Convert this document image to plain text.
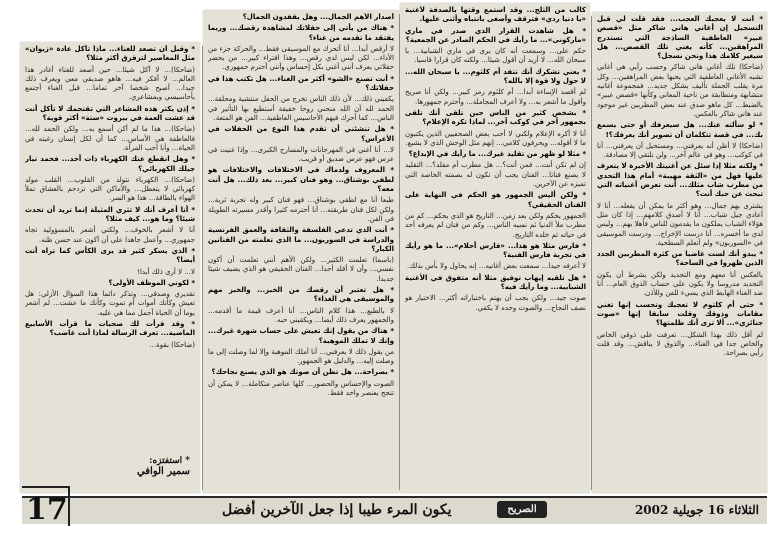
* أنت لا يعجبك العجب... فقد قلت لي قبل التسجيل إن أغاني هاني شاكر مثل «قصص عبير» العاطفية الساذجة التي تستدرج المراهقين... كأنه يغني تلك القصص... هل سيغير كلامك هذا ونحن نسجل؟

(ضاحكا) تلك أغاني هاني شاكر وحسب رأيي هي أغاني تشبه الأغاني العاطفية التي يحبها بعض المراهقين... وكل مرة يقلب الجملة تأليف بشكل جديد... فمجموعة أغانيه متشابهة ومتطابقة من ناحية المعاني وكأنها «قصص عبير» بالضبط... كل ماهو صدق عند بعض المطربين غير موجود عند هاني شاكر بالعكس.

* لو سألته عنك... هل سيعرفك أو حتى يسمع بك... في قصة تتكلمان أن تصوير أنك يعرفك؟!

(ضاحكا) لا أظن أنه يعرفني... ومستحيل أن يعرفني... أنا في كوكب... وهو في عالم آخر... ولن نلتقي إلا مصادفة.

* ولكنه مثلا إذا سئل عن أغنيتك الأخيرة لا يتعرف عليها فهل من «الثقة مهيبة» أمام هذا التحدي من مطرب شاب مثلك... أنت تعرض أغنياته التي تبحث عن حبك أنت؟

يشترى بهم جمال... وهو أكثر ما يمكن أن يفعله... أنا لا أعادي جيل شباب... أنا لا أصدق كلامهم... إذا كان مثل هؤلاء الشباب يملكون ما يقدمون للناس فأهلا بهم... وليس لدي ما أخسره... أنا درست الإخراج... ودرست الموسيقى في «السوربون» ولم أتعلم السطحية.

* يبدو أنك لست غاضبا من كثرة المطربين الجدد الذين ظهروا في الساحة؟

بالعكس أنا معهم ومع التجديد ولكن بشرط أن يكون التجديد مدروسا ولا يكون على حساب الذوق العام... أنا ضد الغناء الهابط الذي يسيء للفن وللأذن.

* حتى أم كلثوم لا تعجبك وتحسب إنها تغني مقامات وذوقك وقلت سابقا إنها «صوت جنائزي»... ألا ترى أنك ظلمتها؟

لم أقل ذلك بهذا الشكل... تعرفت على ذوقي الخاص والخاص جدا في الغناء... والذوق لا يناقش... وقد قلت رأيي بصراحة.

كالب من الثلج... وقد استمع وقتها بالصدفة لأغنية «يا دنيا ردي» فترقف وأصغى بانتباه وأثنى عليها.

* هل شاهدت القرار الذي صدر في ماري «ماركونى»... ما رأيك في الحكم الصادر عن الجمعية؟

حكم على... وسمعت أنه كان يرى في ماري الشبابية... يا سبحان الله... لا أريد أن أقول شيئا... ولكنه كان قرارا قاسيا.

* يعني تشكرك أنك نتقد أم كلثوم... يا سبحان الله... لا حول ولا قوة إلا بالله؟

لم أقصد الإساءة أبدا... أم كلثوم رمز كبير... ولكن أنا صريح وأقول ما أشعر به... ولا أعرف المجاملة... وأحترم جمهورها.

* بشخص كثير من الناس حين تلقى أنك تلقى بجمهور آخر في كوكب آخر... لماذا تكره الإعلام؟

أنا لا أكره الإعلام ولكني لا أحب بعض الصحفيين الذين يكتبون ما لا أقوله... ويحرفون كلامي... إنهم مثل الوحش الذي لا يشبع.

* مثلا لو ظهر من تقليد غيرك... ما رأيك في الإبداع؟

إن لم تكن أنت... فمن أنت؟... هل مطرب أم مقلد؟... التقليد لا يصنع فنانا... الفنان يجب أن تكون له بصمته الخاصة التي تميزه عن الآخرين.

* ولكن أليس الجمهور هو الحكم في النهاية على الفنان الحقيقي؟

الجمهور يحكم ولكن بعد زمن... التاريخ هو الذي يحكم... كم من مطرب ملأ الدنيا ثم نسيه الناس... وكم من فنان لم يعرفه أحد في حياته ثم خلده التاريخ.

* فارس مثلا هو هذا... «فارس أحلام»... ما هو رأيك في تجربة فارس الفنية؟

لا أعرفه جيدا... سمعت بعض أغانيه... إنه يحاول ولا بأس بذلك.

* هل تلقيه إيهاب توفيق مثلا أنه متفوق في الأغنية الشبابية... وما رأيك فيه؟

صوت جيد... ولكن يجب أن يهتم باختياراته أكثر... الاختيار هو نصف النجاح... والصوت وحده لا يكفي.

أصدار الأهم الجمال... وهل يقفدون الجمال؟

* هناك من يأتي إلى حفلاتك لمشاهدة رقصك... وربما يفتقد ما تقدمه من غناء؟

لا أرقص أبدا... أنا أتحرك مع الموسيقى فقط... والحركة جزء من الأداء... لكن ليس لدي رقص... وهذا افتراء كبير... من يحضر حفلاتي يعرف أنني أغني بكل إحساس وأنني أحترم جمهوري.

* أنت تصنع «الشو» أكثر من الغناء... هل تكتب هذا في حفلاتك؟

يكفيني ذلك... لأن ذلك الناس تخرج من الحفل منتشية ومحلقة... الحمد لله أن الله منحني روحا خفيفة أستطيع بها التأثير في الناس... كما أحرك فيهم الأحاسيس العاطفية... الفن هو المتعة.

* هل تنشئني أن تقدم هذا النوع من الحفلات في الأعراس؟

لا... أنا أغني في المهرجانات والمسارح الكبرى... وإذا غنيت في عرس فهو عرس صديق أو قريب.

* المعروف ولدماك في الاختلافات والاختلافات هو لطفي بوشناق... وهو فنان كبير... بعد ذلك... هل أنت معه؟

طبعا أنا مع لطفي بوشناق... فهو فنان كبير وله تجربة ثرية... ولكن لكل فنان طريقته... أنا أحترمه كثيرا وأقدر مسيرته الطويلة في الفن.

* أنت الذي تدعي الفلسفة والثقافة والعمق الفرنسية والدراسة في السوربون... ما الذي تعلمته من الفنانين الكبار؟

(باسما) تعلمت الكثير... ولكن الأهم أنني تعلمت أن أكون نفسي... وأن لا أقلد أحدا... الفنان الحقيقي هو الذي يضيف شيئا جديدا.

* هل تعتبر أن رقصك من الخبز... والخبز مهم والموسيقى هي الغذاء؟

لا بالطبع... هذا كلام الناس... أنا أعرف قيمة ما أقدمه... والجمهور يعرف ذلك أيضا... ويكفيني حبه.

* هناك من يقول إنك تعيش على حساب شهرة غيرك... وإنك لا تملك الموهبة؟

من يقول ذلك لا يعرفني... أنا أملك الموهبة وإلا لما وصلت إلى ما وصلت إليه... والدليل هو الجمهور.

* بصراحة... هل تظن أن صوتك هو الذي يصنع نجاحك؟

الصوت والإحساس والحضور... كلها عناصر متكاملة... لا يمكن أن تنجح بعنصر واحد فقط.

* وقبل أن تصعد للغناء... ماذا تأكل عادة «زيوان» مثل المعاصير لتزقزق أكثر مثلا؟

(ضاحكا)... لا آكل شيئا... حين أصعد للغناء أغادر هذا العالم... لا أفكر فيه... هاهو صديقي معي ويعرف ذلك جيدا... أصبح شخصا آخر تماما... قبل الغناء أجتمع بأحاسيسي وبمشاعري.

* إذن يكثر هذه المشاعر التي تقتحمك لا تأكل أنت قد عشت العمة في بيروت «ستة» أكثر قوية؟

(ضاحكا)... هذا ما لم أكن أسمع به... ولكن الحمد لله... فالعاطفة هي الأساس... كما أن لكل إنسان رغبته في الحياة... وأنا أحب المرأة.

* وهل انقطع عنك الكهرباء ذات أحد... فخمد تيار جيلك الكهربائي؟

(ضاحكا)... الكهرباء تتولد من القلوب... القلب مولد كهربائي لا يتعطل... والأماكن التي تزدحم بالعشاق تملأ الهواء بالطاقة... هذا هو السر.

* أنا أعرف أنك لا تثري المثيلة إنما تريد أن تحدث شيئا؟ وما هو... كيف مثلا؟

أنا لا أشعر بالخوف... ولكني أشعر بالمسؤولية تجاه جمهوري... وأعمل جاهدا على أن أكون عند حسن ظنه.

* الذي يسكر كثير قد يرى الكأس كما تراه أنت أيضا؟

لا... لا أرى ذلك أبدا!

* لكوني الموظف الأولى؟

تقديري وصدقي... وتذكر دائما هذا السؤال الأزلي: هل تعيش وكأنك أموات أم تموت وكأنك ما عشت... لم أشعر يوما أن الحياة أجمل مما هي عليه.

* وقد قرأت لك صحبات ما قرأت الأسابيع الماضية... تعرف الرسالة لماذا أنت غاضب؟

(ضاحكا) بقوة...

* استفتزه:
سمير الوافي
17	يكون المرء طيبا إذا جعل الآخرين أفضل	الصريح	الثلاثاء 16 جويلية 2002
